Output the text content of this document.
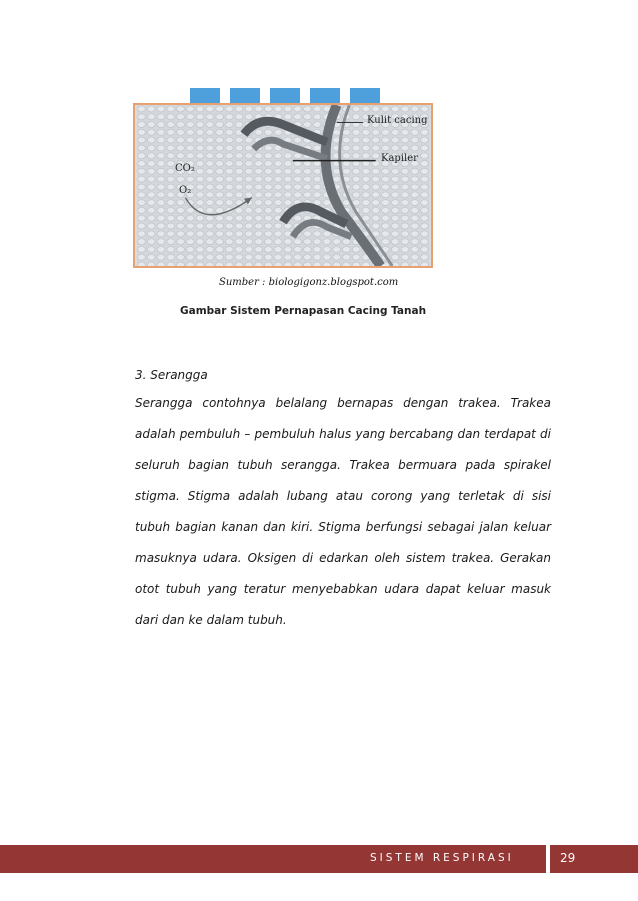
CO₂
O₂
Kulit cacing
Kapiler
Sumber : biologigonz.blogspot.com
Gambar Sistem Pernapasan Cacing Tanah
3. Serangga

Serangga contohnya belalang bernapas dengan trakea. Trakea adalah pembuluh – pembuluh halus yang bercabang dan terdapat di seluruh bagian tubuh serangga. Trakea bermuara pada spirakel stigma. Stigma adalah lubang atau corong yang terletak di sisi tubuh bagian kanan dan kiri. Stigma berfungsi sebagai jalan keluar masuknya udara. Oksigen di edarkan oleh sistem trakea. Gerakan otot tubuh yang teratur menyebabkan udara dapat keluar masuk dari dan ke dalam tubuh.

SISTEM RESPIRASI	29
